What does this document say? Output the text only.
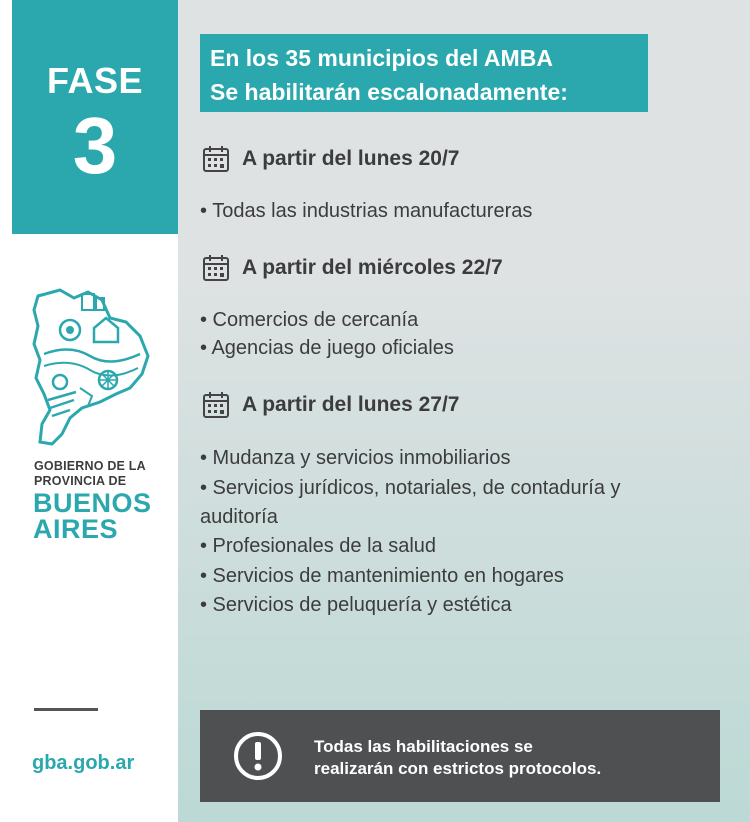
FASE
3
GOBIERNO DE LA
PROVINCIA DE
BUENOS
AIRES
gba.gob.ar
En los 35 municipios del AMBA
Se habilitarán escalonadamente:
A partir del lunes 20/7
• Todas las industrias manufactureras
A partir del miércoles 22/7
• Comercios de cercanía
• Agencias de juego oficiales
A partir del lunes 27/7
• Mudanza y servicios inmobiliarios
• Servicios jurídicos, notariales, de contaduría y
auditoría
• Profesionales de la salud
• Servicios de mantenimiento en hogares
• Servicios de peluquería y estética
Todas las habilitaciones se
realizarán con estrictos protocolos.
